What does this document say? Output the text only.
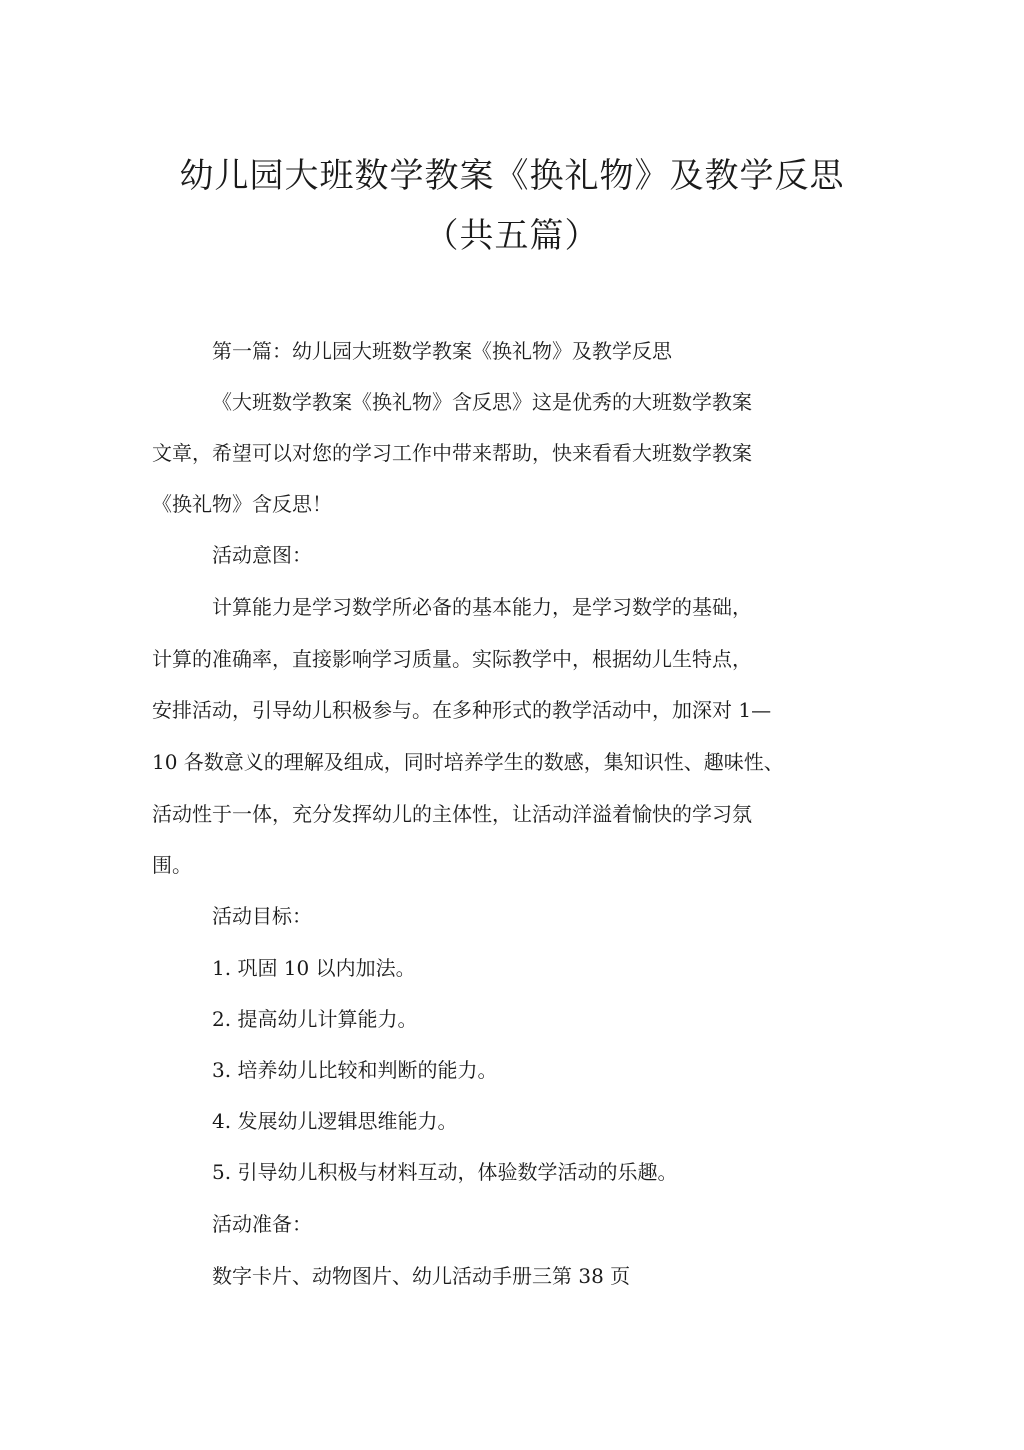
幼儿园大班数学教案《换礼物》及教学反思
（共五篇）
第一篇：幼儿园大班数学教案《换礼物》及教学反思
《大班数学教案《换礼物》含反思》这是优秀的大班数学教案
文章，希望可以对您的学习工作中带来帮助，快来看看大班数学教案
《换礼物》含反思！
活动意图：
计算能力是学习数学所必备的基本能力，是学习数学的基础，
计算的准确率，直接影响学习质量。实际教学中，根据幼儿生特点，
安排活动，引导幼儿积极参与。在多种形式的教学活动中，加深对 1—
10 各数意义的理解及组成，同时培养学生的数感，集知识性、趣味性、
活动性于一体，充分发挥幼儿的主体性，让活动洋溢着愉快的学习氛
围。
活动目标：
1. 巩固 10 以内加法。
2. 提高幼儿计算能力。
3. 培养幼儿比较和判断的能力。
4. 发展幼儿逻辑思维能力。
5. 引导幼儿积极与材料互动，体验数学活动的乐趣。
活动准备：
数字卡片、动物图片、幼儿活动手册三第 38 页
